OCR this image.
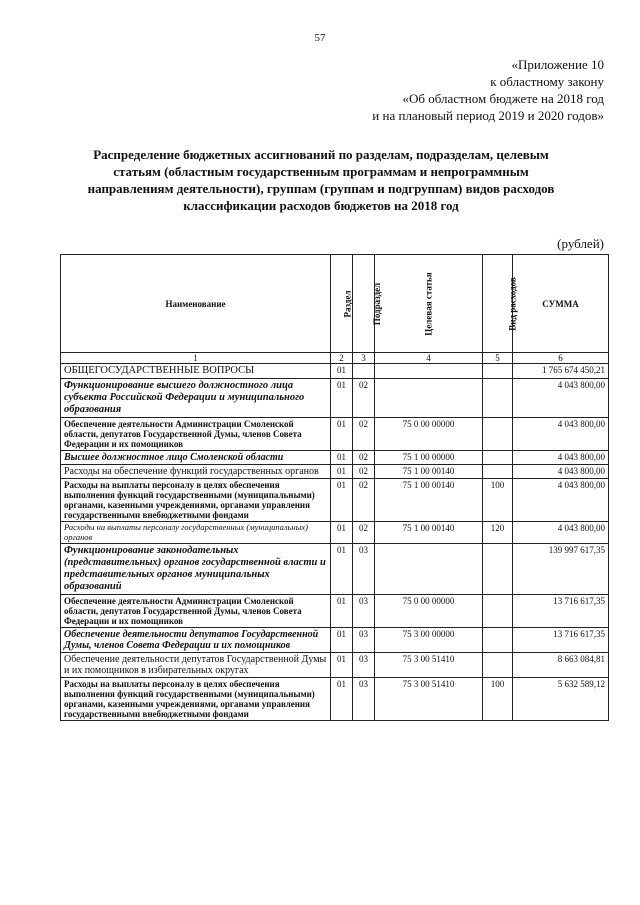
57
«Приложение 10
к областному закону
«Об областном бюджете на 2018 год
и на плановый период 2019 и 2020 годов»
Распределение бюджетных ассигнований по разделам, подразделам, целевым
статьям (областным государственным программам и непрограммным
направлениям деятельности), группам (группам и подгруппам) видов расходов
классификации расходов бюджетов на 2018 год
(рублей)
Наименование	Раздел	Подраздел	Целевая статья	Вид расходов	СУММА
1	2	3	4	5	6
ОБЩЕГОСУДАРСТВЕННЫЕ ВОПРОСЫ	01				1 765 674 450,21
Функционирование высшего должностного лица субъекта Российской Федерации и муниципального образования	01	02			4 043 800,00
Обеспечение деятельности Администрации Смоленской области, депутатов Государственной Думы, членов Совета Федерации и их помощников	01	02	75 0 00 00000		4 043 800,00
Высшее должностное лицо Смоленской области	01	02	75 1 00 00000		4 043 800,00
Расходы на обеспечение функций государственных органов	01	02	75 1 00 00140		4 043 800,00
Расходы на выплаты персоналу в целях обеспечения выполнения функций государственными (муниципальными) органами, казенными учреждениями, органами управления государственными внебюджетными фондами	01	02	75 1 00 00140	100	4 043 800,00
Расходы на выплаты персоналу государственных (муниципальных) органов	01	02	75 1 00 00140	120	4 043 800,00
Функционирование законодательных (представительных) органов государственной власти и представительных органов муниципальных образований	01	03			139 997 617,35
Обеспечение деятельности Администрации Смоленской области, депутатов Государственной Думы, членов Совета Федерации и их помощников	01	03	75 0 00 00000		13 716 617,35
Обеспечение деятельности депутатов Государственной Думы, членов Совета Федерации и их помощников	01	03	75 3 00 00000		13 716 617,35
Обеспечение деятельности депутатов Государственной Думы и их помощников в избирательных округах	01	03	75 3 00 51410		8 663 084,81
Расходы на выплаты персоналу в целях обеспечения выполнения функций государственными (муниципальными) органами, казенными учреждениями, органами управления государственными внебюджетными фондами	01	03	75 3 00 51410	100	5 632 589,12
